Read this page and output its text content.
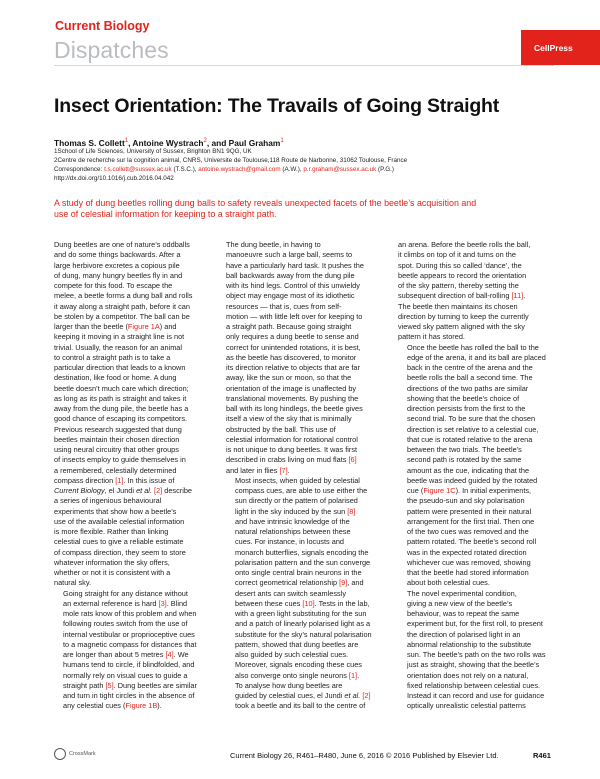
Current Biology
Dispatches	CellPress
Insect Orientation: The Travails of Going Straight
Thomas S. Collett$^1$, Antoine Wystrach$^2$, and Paul Graham$^1$
1School of Life Sciences, University of Sussex, Brighton BN1 9QG, UK
2Centre de recherche sur la cognition animal, CNRS, Universite de Toulouse,118 Route de Narbonne, 31062 Toulouse, France
Correspondence: t.s.collett@sussex.ac.uk (T.S.C.), antoine.wystrach@gmail.com (A.W.), p.r.graham@sussex.ac.uk (P.G.)
http://dx.doi.org/10.1016/j.cub.2016.04.042
A study of dung beetles rolling dung balls to safety reveals unexpected facets of the beetle’s acquisition and
use of celestial information for keeping to a straight path.

Dung beetles are one of nature’s oddballs
and do some things backwards. After a
large herbivore excretes a copious pile
of dung, many hungry beetles fly in and
compete for this food. To escape the
melee, a beetle forms a dung ball and rolls
it away along a straight path, before it can
be stolen by a competitor. The ball can be
larger than the beetle (Figure 1A) and
keeping it moving in a straight line is not
trivial. Usually, the reason for an animal
to control a straight path is to take a
particular direction that leads to a known
destination, like food or home. A dung
beetle doesn’t much care which direction;
as long as its path is straight and takes it
away from the dung pile, the beetle has a
good chance of escaping its competitors.
Previous research suggested that dung
beetles maintain their chosen direction
using neural circuitry that other groups
of insects employ to guide themselves in
a remembered, celestially determined
compass direction [1]. In this issue of
Current Biology, el Jundi et al. [2] describe
a series of ingenious behavioural
experiments that show how a beetle’s
use of the available celestial information
is more flexible. Rather than linking
celestial cues to give a reliable estimate
of compass direction, they seem to store
whatever information the sky offers,
whether or not it is consistent with a
natural sky.

Going straight for any distance without
an external reference is hard [3]. Blind
mole rats know of this problem and when
following routes switch from the use of
internal vestibular or proprioceptive cues
to a magnetic compass for distances that
are longer than about 5 metres [4]. We
humans tend to circle, if blindfolded, and
normally rely on visual cues to guide a
straight path [5]. Dung beetles are similar
and turn in tight circles in the absence of
any celestial cues (Figure 1B).

The dung beetle, in having to
manoeuvre such a large ball, seems to
have a particularly hard task. It pushes the
ball backwards away from the dung pile
with its hind legs. Control of this unwieldy
object may engage most of its idiothetic
resources — that is, cues from self-
motion — with little left over for keeping to
a straight path. Because going straight
only requires a dung beetle to sense and
correct for unintended rotations, it is best,
as the beetle has discovered, to monitor
its direction relative to objects that are far
away, like the sun or moon, so that the
orientation of the image is unaffected by
translational movements. By pushing the
ball with its long hindlegs, the beetle gives
itself a view of the sky that is minimally
obstructed by the ball. This use of
celestial information for rotational control
is not unique to dung beetles. It was first
described in crabs living on mud flats [6]
and later in flies [7].

Most insects, when guided by celestial
compass cues, are able to use either the
sun directly or the pattern of polarised
light in the sky induced by the sun [8]
and have intrinsic knowledge of the
natural relationships between these
cues. For instance, in locusts and
monarch butterflies, signals encoding the
polarisation pattern and the sun converge
onto single central brain neurons in the
correct geometrical relationship [9], and
desert ants can switch seamlessly
between these cues [10]. Tests in the lab,
with a green light substituting for the sun
and a patch of linearly polarised light as a
substitute for the sky’s natural polarisation
pattern, showed that dung beetles are
also guided by such celestial cues.
Moreover, signals encoding these cues
also converge onto single neurons [1].

To analyse how dung beetles are
guided by celestial cues, el Jundi et al. [2]
took a beetle and its ball to the centre of

an arena. Before the beetle rolls the ball,
it climbs on top of it and turns on the
spot. During this so called ‘dance’, the
beetle appears to record the orientation
of the sky pattern, thereby setting the
subsequent direction of ball-rolling [11].
The beetle then maintains its chosen
direction by turning to keep the currently
viewed sky pattern aligned with the sky
pattern it has stored.

Once the beetle has rolled the ball to the
edge of the arena, it and its ball are placed
back in the centre of the arena and the
beetle rolls the ball a second time. The
directions of the two paths are similar
showing that the beetle’s choice of
direction persists from the first to the
second trial. To be sure that the chosen
direction is set relative to a celestial cue,
that cue is rotated relative to the arena
between the two trials. The beetle’s
second path is rotated by the same
amount as the cue, indicating that the
beetle was indeed guided by the rotated
cue (Figure 1C). In initial experiments,
the pseudo-sun and sky polarisation
pattern were presented in their natural
arrangement for the first trial. Then one
of the two cues was removed and the
pattern rotated. The beetle’s second roll
was in the expected rotated direction
whichever cue was removed, showing
that the beetle had stored information
about both celestial cues.

The novel experimental condition,
giving a new view of the beetle’s
behaviour, was to repeat the same
experiment but, for the first roll, to present
the direction of polarised light in an
abnormal relationship to the substitute
sun. The beetle’s path on the two rolls was
just as straight, showing that the beetle’s
orientation does not rely on a natural,
fixed relationship between celestial cues.
Instead it can record and use for guidance
optically unrealistic celestial patterns

CrossMark	Current Biology 26, R461–R480, June 6, 2016 © 2016 Published by Elsevier Ltd.	R461
